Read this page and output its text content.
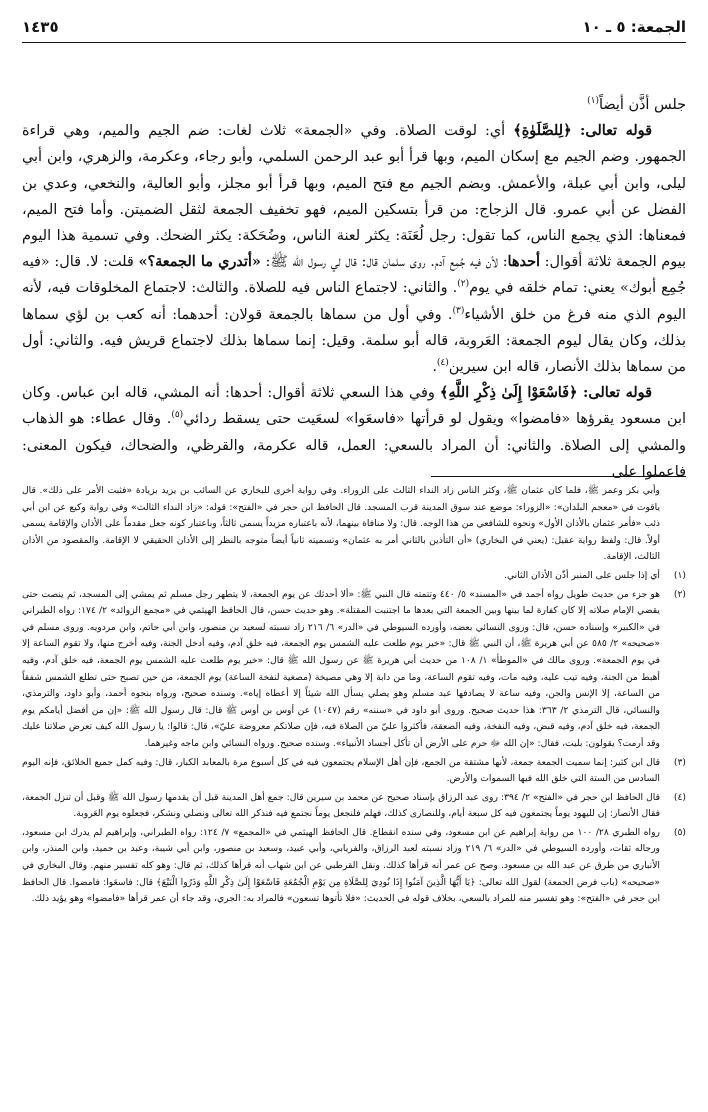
الجمعة: ٥ ـ ١٠
١٤٣٥

جلس أذَّن أيضاً$^{(١)}$

قوله تعالى: ﴿لِلصَّلَوٰةِ﴾ أي: لوقت الصلاة. وفي «الجمعة» ثلاث لغات: ضم الجيم والميم، وهي قراءة الجمهور. وضم الجيم مع إسكان الميم، وبها قرأ أبو عبد الرحمن السلمي، وأبو رجاء، وعكرمة، والزهري، وابن أبي ليلى، وابن أبي عبلة، والأعمش. وبضم الجيم مع فتح الميم، وبها قرأ أبو مجلز، وأبو العالية، والنخعي، وعدي بن الفضل عن أبي عمرو. قال الزجاج: من قرأ بتسكين الميم، فهو تخفيف الجمعة لثقل الضميتن. وأما فتح الميم، فمعناها: الذي يجمع الناس، كما تقول: رجل لُعَنَة: يكثر لعنة الناس، وضُحَكة: يكثر الضحك. وفي تسمية هذا اليوم بيوم الجمعة ثلاثة أقوال: أحدها: لأن فيه جُمِع آدم. روى سلمان قال: قال لي رسول الله ﷺ: «أتدري ما الجمعة؟» قلت: لا. قال: «فيه جُمِع أبوك» يعني: تمام خلقه في يوم$^{(٢)}$. والثاني: لاجتماع الناس فيه للصلاة. والثالث: لاجتماع المخلوقات فيه، لأنه اليوم الذي منه فرغ من خلق الأشياء$^{(٣)}$. وفي أول من سماها بالجمعة قولان: أحدهما: أنه كعب بن لؤي سماها بذلك، وكان يقال ليوم الجمعة: العَروبة، قاله أبو سلمة. وقيل: إنما سماها بذلك لاجتماع قريش فيه. والثاني: أول من سماها بذلك الأنصار، قاله ابن سيرين$^{(٤)}$.

قوله تعالى: ﴿فَاسْعَوْا إِلَىٰ ذِكْرِ اللَّهِ﴾ وفي هذا السعي ثلاثة أقوال: أحدها: أنه المشي، قاله ابن عباس. وكان ابن مسعود يقرؤها «فامضوا» ويقول لو قرأتها «فاسعَوا» لسعَيت حتى يسقط ردائي$^{(٥)}$. وقال عطاء: هو الذهاب والمشي إلى الصلاة. والثاني: أن المراد بالسعي: العمل، قاله عكرمة، والقرظي، والضحاك، فيكون المعنى: فاعملوا على

وأبي بكر وعمر ﷺ، فلما كان عثمان ﷺ، وكثر الناس زاد النداء الثالث على الزوراء. وفي رواية أخرى للبخاري عن السائب بن يزيد بزيادة «فثبت الأمر على ذلك». قال ياقوت في «معجم البلدان»: «الزوراء: موضع عند سوق المدينة قرب المسجد. قال الحافظ ابن حجر في «الفتح»: قوله: «زاد النداء الثالث» وفي رواية وكيع عن ابن أبي ذئب «فأمر عثمان بالأذان الأول» ونحوه للشافعي من هذا الوجه. قال: ولا منافاة بينهما، لأنه باعتباره مزيداً يسمى ثالثاً، وباعتبار كونه جعل مقدماً على الأذان والإقامة يسمى أولاً. قال: ولفظ رواية عقيل: (يعني في البخاري) «أن التأذين بالثاني أمر به عثمان» وتسميته ثانياً أيضاً متوجه بالنظر إلى الأذان الحقيقي لا الإقامة. والمقصود من الأذان الثالث، الإقامة.
(١)
أي إذا جلس على المنبر أذّن الأذان الثاني.
(٢)
هو جزء من حديث طويل رواه أحمد في «المسند» ٥/ ٤٤٠ وتتمته قال النبي ﷺ: «ألا أحدثك عن يوم الجمعة، لا يتطهر رجل مسلم ثم يمشي إلى المسجد، ثم ينصت حتى يقضي الإمام صلاته إلا كان كفارة لما بينها وبين الجمعة التي بعدها ما اجتنبت المقتلة». وهو حديث حسن، قال الحافظ الهيثمي في «مجمع الزوائد» ٢/ ١٧٤: رواه الطبراني في «الكبير» وإسناده حسن، قال: وروى النسائي بعضه، وأورده السيوطي في «الدر» ٦/ ٢١٦ زاد نسبته لسعيد بن منصور، وابن أبي حاتم، وابن مردويه. وروى مسلم في «صحيحه» ٢/ ٥٨٥ عن أبي هريرة ﷺ، أن النبي ﷺ قال: «خير يوم طلعت عليه الشمس يوم الجمعة، فيه خلق آدم، وفيه أدخل الجنة، وفيه أخرج منها، ولا تقوم الساعة إلا في يوم الجمعة». وروى مالك في «الموطأ» ١/ ١٠٨ من حديث أبي هريرة ﷺ عن رسول الله ﷺ قال: «خير يوم طلعت عليه الشمس يوم الجمعة، فيه خلق آدم، وفيه أهبط من الجنة، وفيه تيب عليه، وفيه مات، وفيه تقوم الساعة، وما من دابة إلا وهي مصيخة (مصغية لنفخة الساعة) يوم الجمعة، من حين تصبح حتى تطلع الشمس شفقاً من الساعة، إلا الإنس والجن، وفيه ساعة لا يصادفها عبد مسلم وهو يصلي يسأل الله شيئاً إلا أعطاه إياه». وسنده صحيح، ورواه بنحوه أحمد، وأبو داود، والترمذي، والنسائي، قال الترمذي ٢/ ٣٦٣: هذا حديث صحيح. وروى أبو داود في «سننه» رقم (١٠٤٧) عن أوس بن أوس ﷺ قال: قال رسول الله ﷺ: «إن من أفضل أيامكم يوم الجمعة، فيه خلق آدم، وفيه قبض، وفيه النفخة، وفيه الصعقة، فأكثروا عليّ من الصلاة فيه، فإن صلاتكم معروضة عليّ»، قال: قالوا: يا رسول الله كيف تعرض صلاتنا عليك وقد أرمت؟ يقولون: بليت، فقال: «إن الله ﷻ حرم على الأرض أن تأكل أجساد الأنبياء». وسنده صحيح. ورواه النسائي وابن ماجه وغيرهما.
(٣)
قال ابن كثير: إنما سميت الجمعة جمعة، لأنها مشتقة من الجمع، فإن أهل الإسلام يجتمعون فيه في كل أسبوع مرة بالمعابد الكبار، قال: وفيه كمل جميع الخلائق، فإنه اليوم السادس من الستة التي خلق الله فيها السموات والأرض.
(٤)
قال الحافظ ابن حجر في «الفتح» ٢/ ٣٩٤: روى عبد الرزاق بإسناد صحيح عن محمد بن سيرين قال: جمع أهل المدينة قبل أن يقدمها رسول الله ﷺ وقبل أن تنزل الجمعة، فقال الأنصار: إن لليهود يوماً يجتمعون فيه كل سبعة أيام، وللنصارى كذلك، فهلم فلنجعل يوماً نجتمع فيه فنذكر الله تعالى ونصلي ونشكر، فجعلوه يوم العَروبة.
(٥)
رواه الطبري ٢٨/ ١٠٠ من رواية إبراهيم عن ابن مسعود، وفي سنده انقطاع. قال الحافظ الهيثمي في «المجمع» ٧/ ١٢٤: رواه الطبراني، وإبراهيم لم يدرك ابن مسعود، ورجاله ثقات، وأورده السيوطي في «الدر» ٦/ ٢١٩ وزاد نسبته لعبد الرزاق، والفريابي، وأبي عبيد، وسعيد بن منصور، وابن أبي شيبة، وعبد بن حميد، وابن المنذر، وابن الأنباري من طرق عن عبد الله بن مسعود. وصح عن عمر أنه قرأها كذلك. ونقل القرطبي عن ابن شهاب أنه قرأها كذلك، ثم قال: وهو كله تفسير منهم. وقال البخاري في «صحيحه» (باب فرض الجمعة) لقول الله تعالى: ﴿يَا أَيُّهَا الَّذِينَ آمَنُوا إِذَا نُودِيَ لِلصَّلَاةِ مِن يَوْمِ الْجُمُعَةِ فَاسْعَوْا إِلَىٰ ذِكْرِ اللَّهِ وَذَرُوا الْبَيْعَ﴾ قال: فاسعَوا: فامضوا. قال الحافظ ابن حجر في «الفتح»: وهو تفسير منه للمراد بالسعي، بخلاف قوله في الحديث: «فلا تأتوها تسعون» فالمراد به: الجري، وقد جاء أن عمر قرأها «فامضوا» وهو يؤيد ذلك.
